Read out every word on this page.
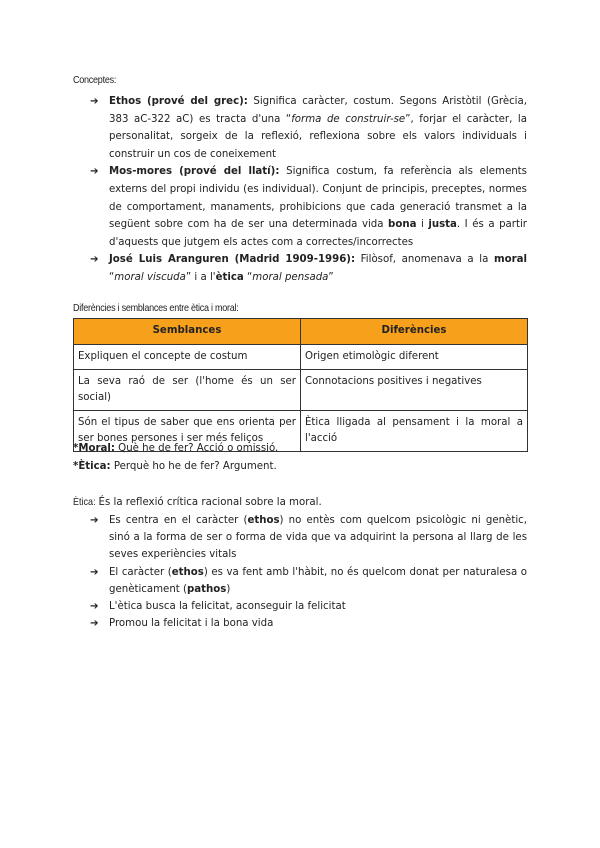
Conceptes:
➔ Ethos (prové del grec): Significa caràcter, costum. Segons Aristòtil (Grècia, 383 aC-322 aC) es tracta d'una “forma de construir-se”, forjar el caràcter, la personalitat, sorgeix de la reflexió, reflexiona sobre els valors individuals i construir un cos de coneixement
➔ Mos-mores (prové del llatí): Significa costum, fa referència als elements externs del propi individu (es individual). Conjunt de principis, preceptes, normes de comportament, manaments, prohibicions que cada generació transmet a la següent sobre com ha de ser una determinada vida bona i justa. I és a partir d'aquests que jutgem els actes com a correctes/incorrectes
➔ José Luis Aranguren (Madrid 1909-1996): Filòsof, anomenava a la moral “moral viscuda” i a l'ètica “moral pensada”
Diferències i semblances entre ètica i moral:
Semblances	Diferències
Expliquen el concepte de costum	Origen etimològic diferent
La seva raó de ser (l'home és un ser social)	Connotacions positives i negatives
Són el tipus de saber que ens orienta per ser bones persones i ser més feliços	Ètica lligada al pensament i la moral a l'acció
*Moral: Què he de fer? Acció o omissió.
*Ètica: Perquè ho he de fer? Argument.
Ètica: És la reflexió crítica racional sobre la moral.
➔ Es centra en el caràcter (ethos) no entès com quelcom psicològic ni genètic, sinó a la forma de ser o forma de vida que va adquirint la persona al llarg de les seves experiències vitals
➔ El caràcter (ethos) es va fent amb l'hàbit, no és quelcom donat per naturalesa o genèticament (pathos)
➔ L'ètica busca la felicitat, aconseguir la felicitat
➔ Promou la felicitat i la bona vida
